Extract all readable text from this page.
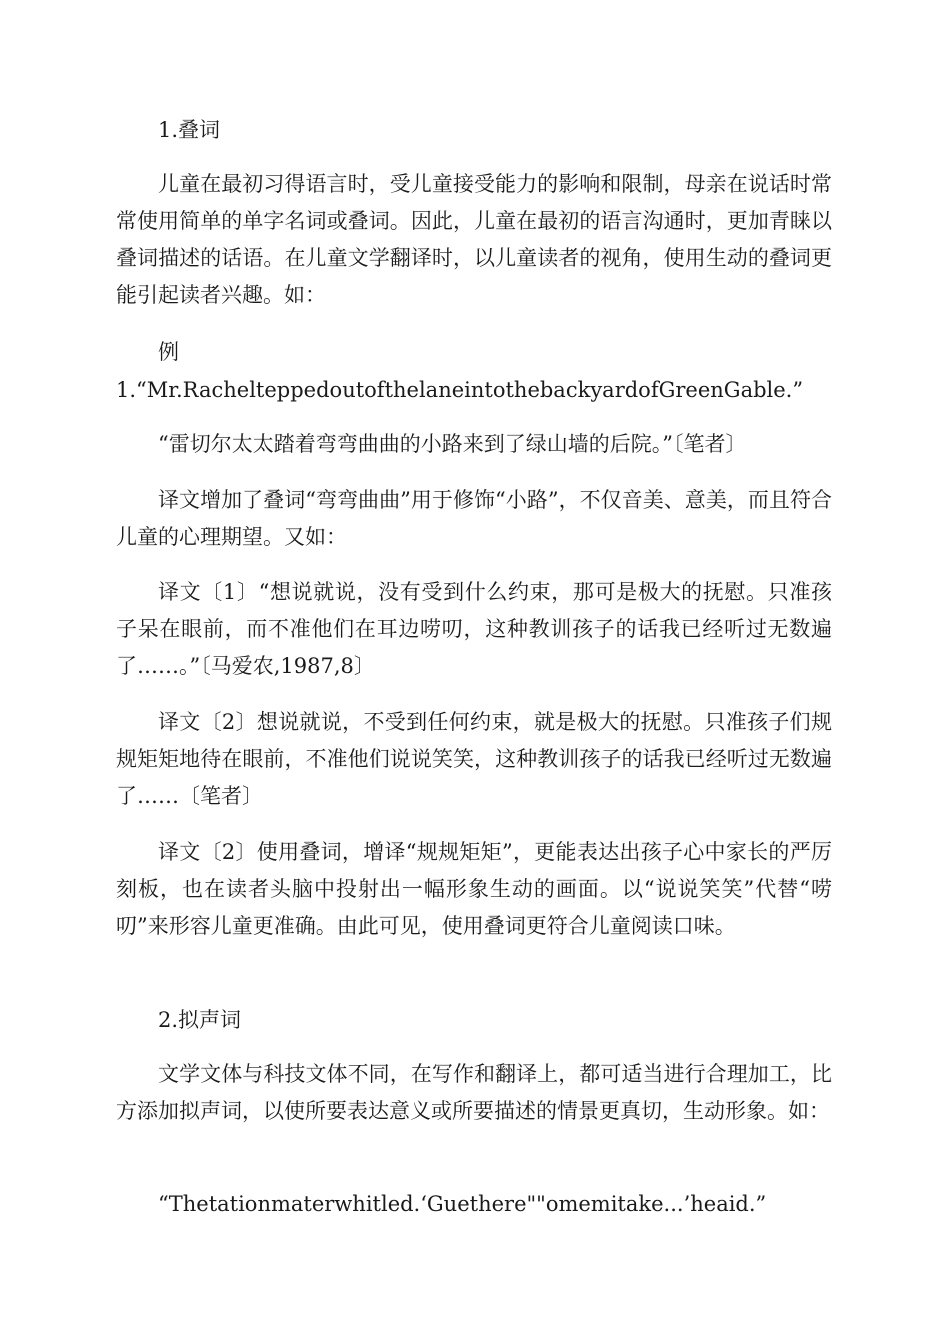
1.叠词
儿童在最初习得语言时，受儿童接受能力的影响和限制，母亲在说话时常常使用简单的单字名词或叠词。因此，儿童在最初的语言沟通时，更加青睐以叠词描述的话语。在儿童文学翻译时，以儿童读者的视角，使用生动的叠词更能引起读者兴趣。如：
例
1.“Mr.RachelteppedoutofthelaneintothebackyardofGreenGable.”
“雷切尔太太踏着弯弯曲曲的小路来到了绿山墙的后院。”〔笔者〕
译文增加了叠词“弯弯曲曲”用于修饰“小路”，不仅音美、意美，而且符合儿童的心理期望。又如：
译文〔1〕“想说就说，没有受到什么约束，那可是极大的抚慰。只准孩子呆在眼前，而不准他们在耳边唠叨，这种教训孩子的话我已经听过无数遍了……。”〔马爱农,1987,8〕
译文〔2〕想说就说，不受到任何约束，就是极大的抚慰。只准孩子们规规矩矩地待在眼前，不准他们说说笑笑，这种教训孩子的话我已经听过无数遍了……〔笔者〕
译文〔2〕使用叠词，增译“规规矩矩”，更能表达出孩子心中家长的严厉刻板，也在读者头脑中投射出一幅形象生动的画面。以“说说笑笑”代替“唠叨”来形容儿童更准确。由此可见，使用叠词更符合儿童阅读口味。
2.拟声词
文学文体与科技文体不同，在写作和翻译上，都可适当进行合理加工，比方添加拟声词，以使所要表达意义或所要描述的情景更真切，生动形象。如：
“Thetationmaterwhitled.‘Guethere""omemitake...’heaid.”
